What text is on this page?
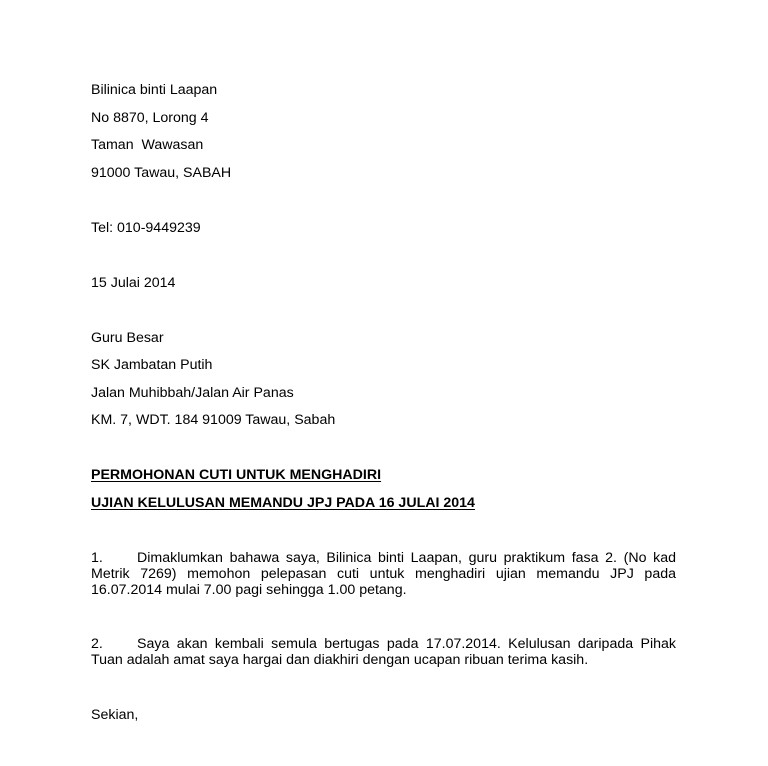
Bilinica binti Laapan
No 8870, Lorong 4
Taman  Wawasan
91000 Tawau, SABAH
Tel: 010-9449239
15 Julai 2014
Guru Besar
SK Jambatan Putih
Jalan Muhibbah/Jalan Air Panas
KM. 7, WDT. 184 91009 Tawau, Sabah
PERMOHONAN CUTI UNTUK MENGHADIRI
UJIAN KELULUSAN MEMANDU JPJ PADA 16 JULAI 2014
1. Dimaklumkan bahawa saya, Bilinica binti Laapan, guru praktikum fasa 2. (No kad
Metrik 7269) memohon pelepasan cuti untuk menghadiri ujian memandu JPJ pada
16.07.2014 mulai 7.00 pagi sehingga 1.00 petang.
2. Saya akan kembali semula bertugas pada 17.07.2014. Kelulusan daripada Pihak
Tuan adalah amat saya hargai dan diakhiri dengan ucapan ribuan terima kasih.
Sekian,
